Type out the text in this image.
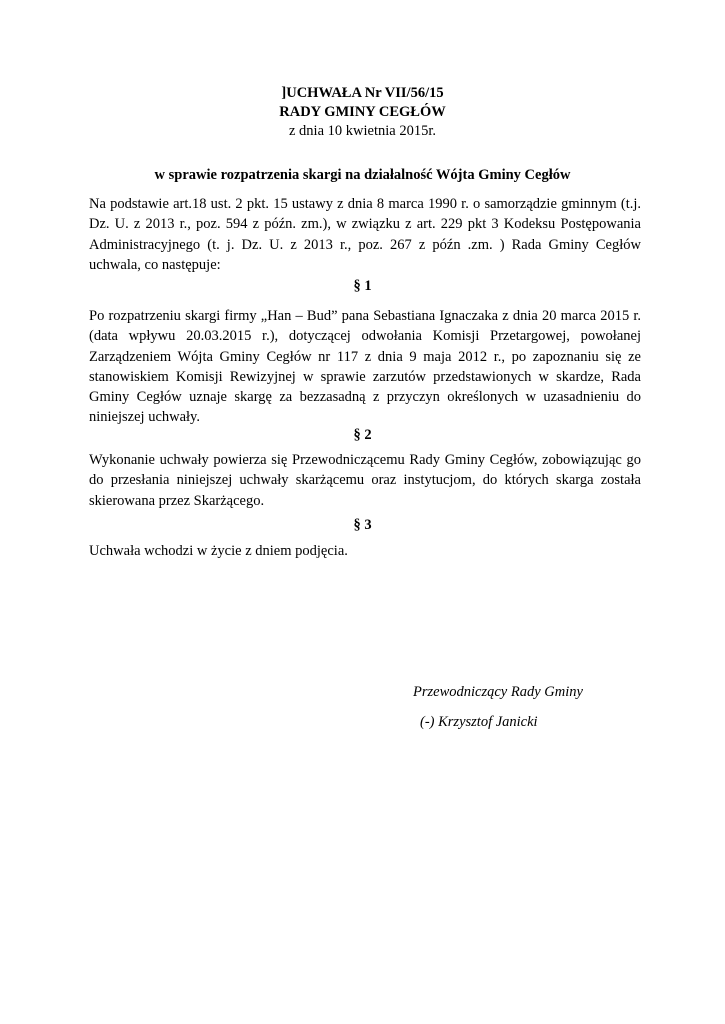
]UCHWAŁA Nr VII/56/15
RADY GMINY CEGŁÓW
z dnia 10 kwietnia 2015r.
w sprawie rozpatrzenia skargi na działalność Wójta Gminy Cegłów
Na podstawie art.18 ust. 2 pkt. 15 ustawy z dnia 8 marca 1990 r. o samorządzie gminnym (t.j. Dz. U. z 2013 r., poz. 594 z późn. zm.), w związku z art. 229 pkt 3 Kodeksu Postępowania Administracyjnego (t. j. Dz. U. z 2013 r., poz. 267 z późn .zm. ) Rada Gminy Cegłów uchwala, co następuje:
§ 1
Po rozpatrzeniu skargi firmy „Han – Bud” pana Sebastiana Ignaczaka z dnia 20 marca 2015 r. (data wpływu 20.03.2015 r.), dotyczącej odwołania Komisji Przetargowej, powołanej Zarządzeniem Wójta Gminy Cegłów nr 117 z dnia 9 maja 2012 r., po zapoznaniu się ze stanowiskiem Komisji Rewizyjnej w sprawie zarzutów przedstawionych w skardze, Rada Gminy Cegłów uznaje skargę za bezzasadną z przyczyn określonych w uzasadnieniu do niniejszej uchwały.
§ 2
Wykonanie uchwały powierza się Przewodniczącemu Rady Gminy Cegłów, zobowiązując go do przesłania niniejszej uchwały skarżącemu oraz instytucjom, do których skarga została skierowana przez Skarżącego.
§ 3
Uchwała wchodzi w życie z dniem podjęcia.
Przewodniczący Rady Gminy
(-) Krzysztof Janicki
